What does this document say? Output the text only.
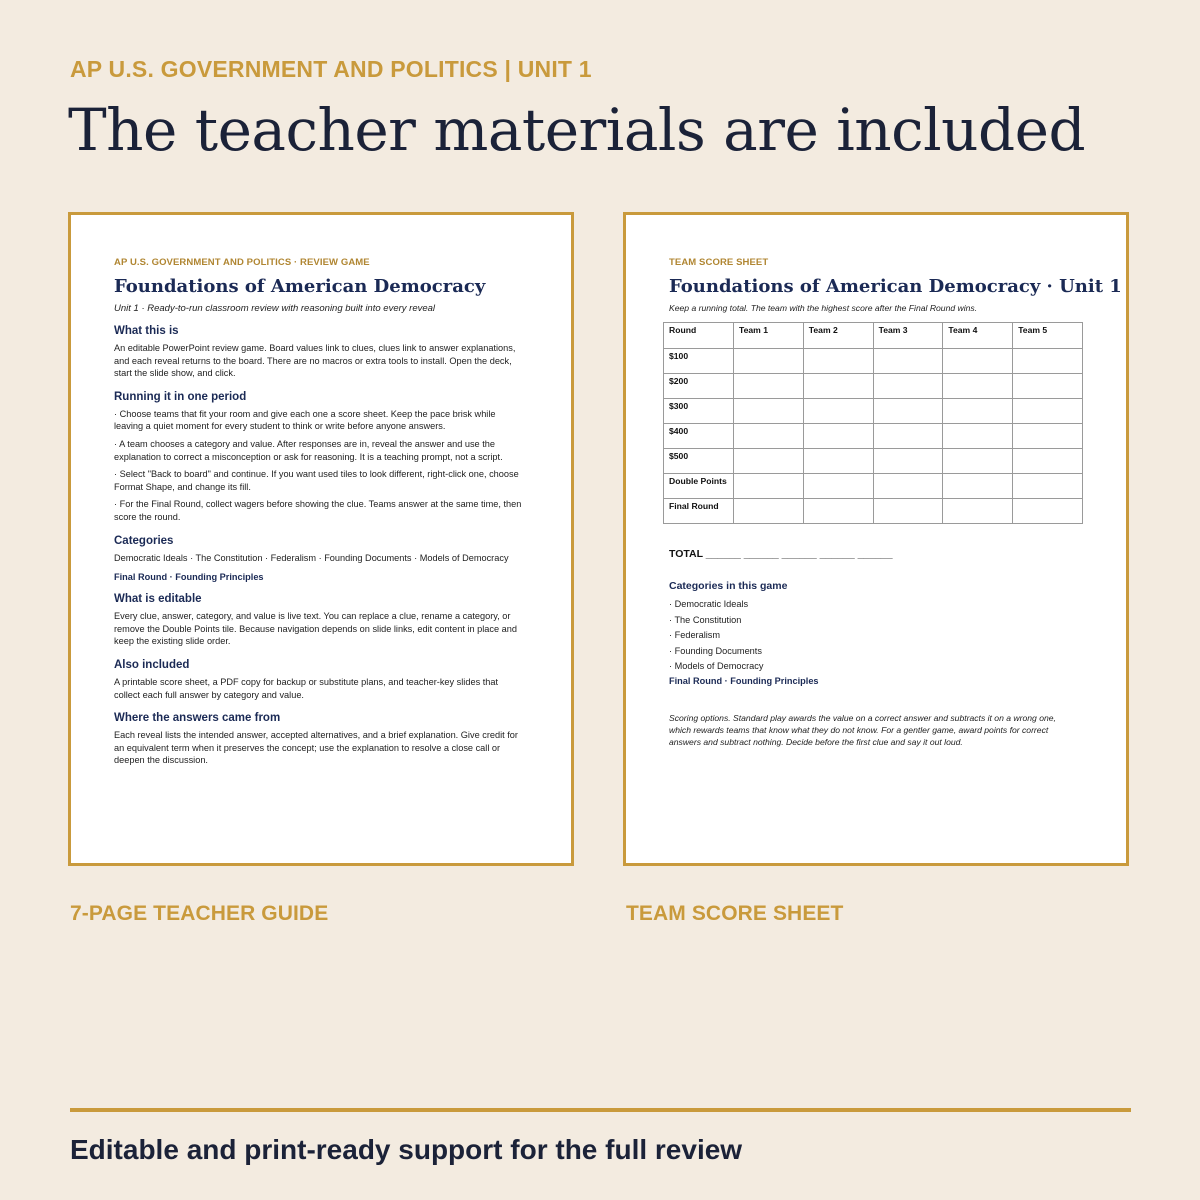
AP U.S. GOVERNMENT AND POLITICS | UNIT 1
The teacher materials are included
AP U.S. GOVERNMENT AND POLITICS · REVIEW GAME
Foundations of American Democracy
Unit 1 · Ready-to-run classroom review with reasoning built into every reveal
What this is
An editable PowerPoint review game. Board values link to clues, clues link to answer explanations, and each reveal returns to the board. There are no macros or extra tools to install. Open the deck, start the slide show, and click.
Running it in one period
· Choose teams that fit your room and give each one a score sheet. Keep the pace brisk while leaving a quiet moment for every student to think or write before anyone answers.
· A team chooses a category and value. After responses are in, reveal the answer and use the explanation to correct a misconception or ask for reasoning. It is a teaching prompt, not a script.
· Select "Back to board" and continue. If you want used tiles to look different, right-click one, choose Format Shape, and change its fill.
· For the Final Round, collect wagers before showing the clue. Teams answer at the same time, then score the round.
Categories
Democratic Ideals · The Constitution · Federalism · Founding Documents · Models of Democracy
Final Round · Founding Principles
What is editable
Every clue, answer, category, and value is live text. You can replace a clue, rename a category, or remove the Double Points tile. Because navigation depends on slide links, edit content in place and keep the existing slide order.
Also included
A printable score sheet, a PDF copy for backup or substitute plans, and teacher-key slides that collect each full answer by category and value.
Where the answers came from
Each reveal lists the intended answer, accepted alternatives, and a brief explanation. Give credit for an equivalent term when it preserves the concept; use the explanation to resolve a close call or deepen the discussion.
TEAM SCORE SHEET
Foundations of American Democracy · Unit 1
Keep a running total. The team with the highest score after the Final Round wins.
Round	Team 1	Team 2	Team 3	Team 4	Team 5
$100					
$200					
$300					
$400					
$500					
Double Points					
Final Round					
TOTAL ______ ______ ______ ______ ______
Categories in this game
· Democratic Ideals
· The Constitution
· Federalism
· Founding Documents
· Models of Democracy
Final Round · Founding Principles
Scoring options. Standard play awards the value on a correct answer and subtracts it on a wrong one, which rewards teams that know what they do not know. For a gentler game, award points for correct answers and subtract nothing. Decide before the first clue and say it out loud.
7-PAGE TEACHER GUIDE	TEAM SCORE SHEET
Editable and print-ready support for the full review
